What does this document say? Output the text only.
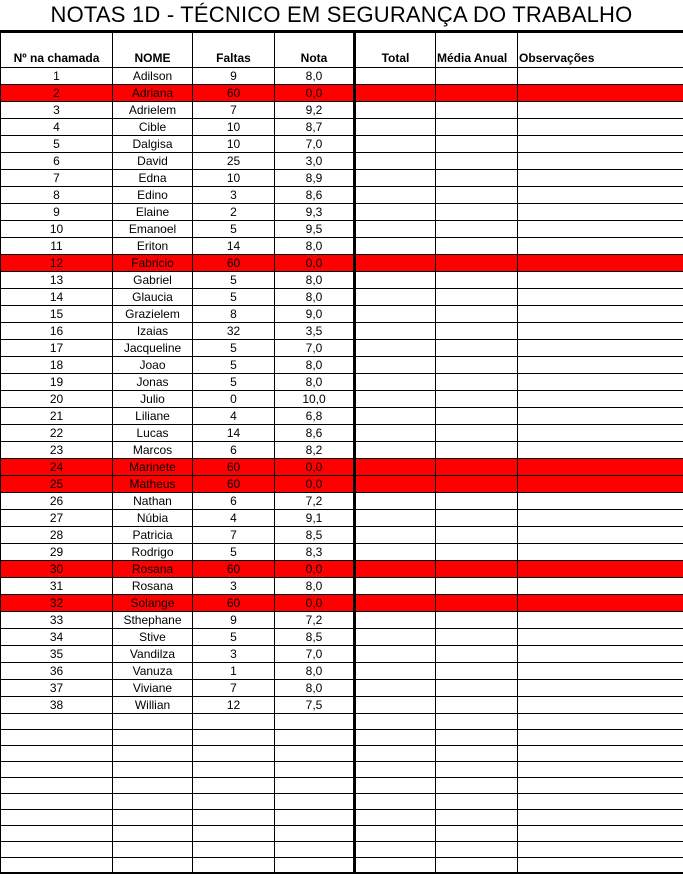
NOTAS 1D - TÉCNICO EM SEGURANÇA DO TRABALHO
Nº na chamada	NOME	Faltas	Nota	Total	Média Anual	Observações
1	Adilson	9	8,0			
2	Adriana	60	0,0			
3	Adrielem	7	9,2			
4	Cible	10	8,7			
5	Dalgisa	10	7,0			
6	David	25	3,0			
7	Edna	10	8,9			
8	Edino	3	8,6			
9	Elaine	2	9,3			
10	Emanoel	5	9,5			
11	Eriton	14	8,0			
12	Fabricio	60	0,0			
13	Gabriel	5	8,0			
14	Glaucia	5	8,0			
15	Grazielem	8	9,0			
16	Izaias	32	3,5			
17	Jacqueline	5	7,0			
18	Joao	5	8,0			
19	Jonas	5	8,0			
20	Julio	0	10,0			
21	Liliane	4	6,8			
22	Lucas	14	8,6			
23	Marcos	6	8,2			
24	Marinete	60	0,0			
25	Matheus	60	0,0			
26	Nathan	6	7,2			
27	Núbia	4	9,1			
28	Patricia	7	8,5			
29	Rodrigo	5	8,3			
30	Rosana	60	0,0			
31	Rosana	3	8,0			
32	Solange	60	0,0			
33	Sthephane	9	7,2			
34	Stive	5	8,5			
35	Vandilza	3	7,0			
36	Vanuza	1	8,0			
37	Viviane	7	8,0			
38	Willian	12	7,5			
